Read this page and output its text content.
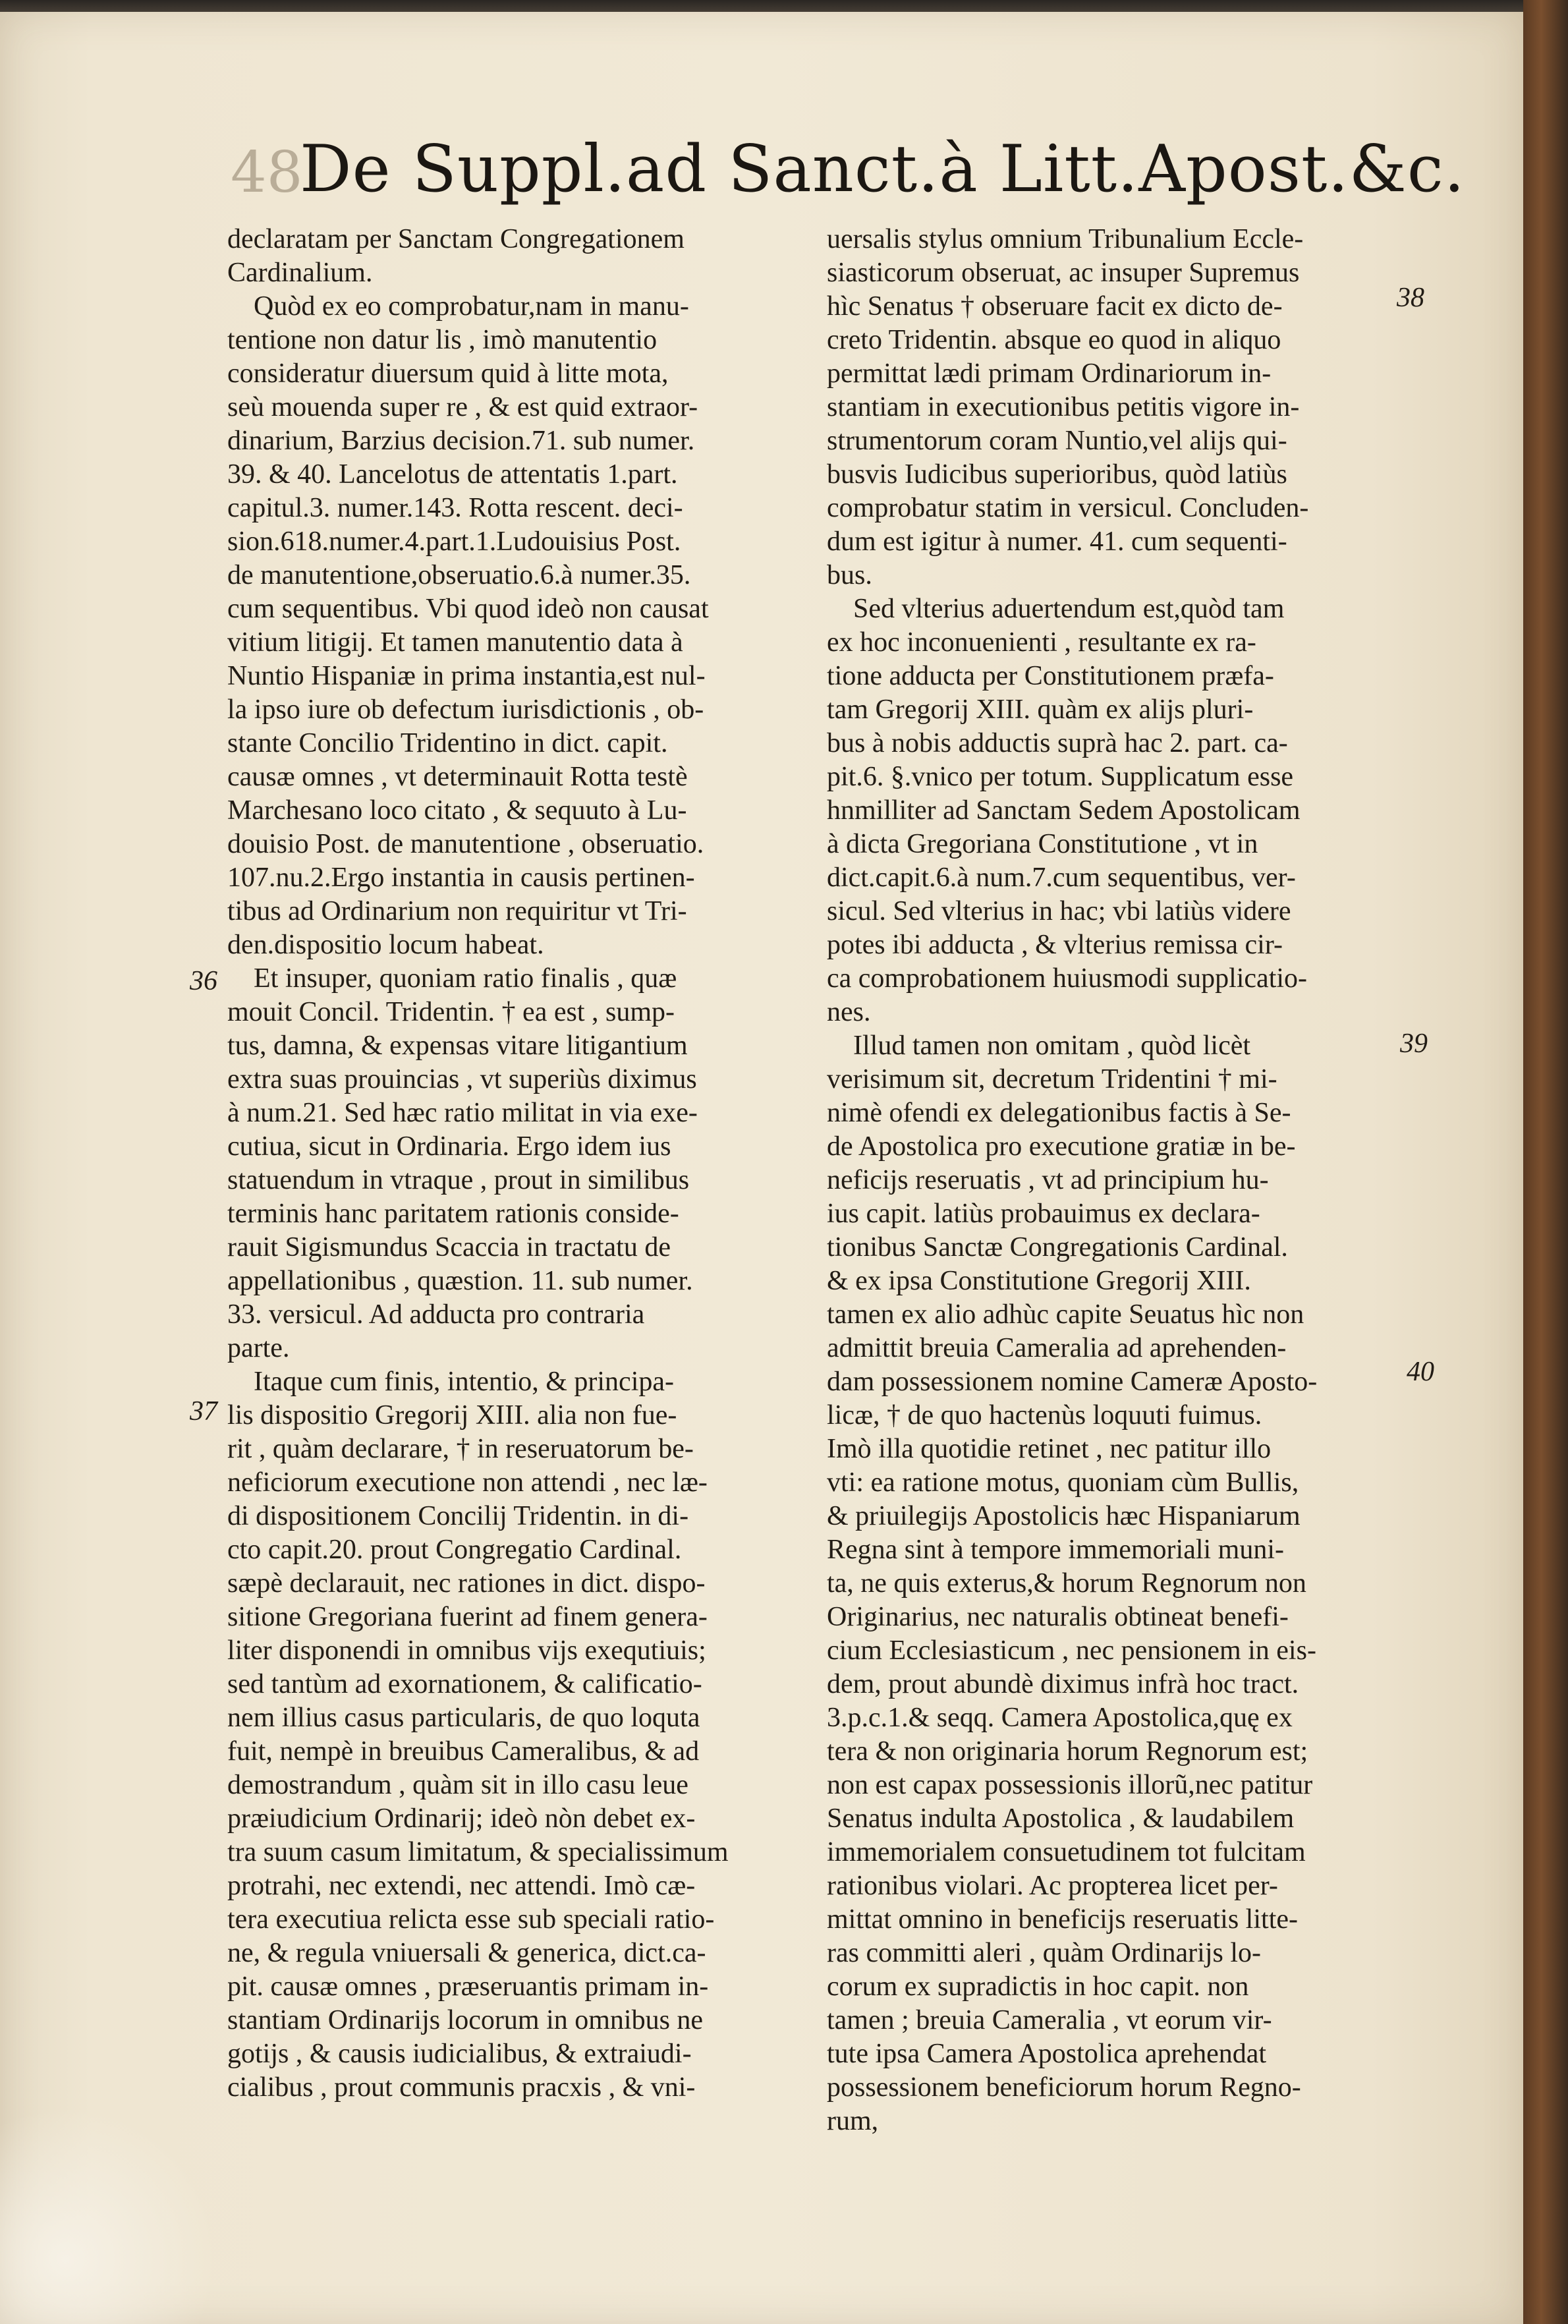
48
De Suppl.ad Sanct.à Litt.Apost.&c.
declaratam per Sanctam Congregationem
Cardinalium.
Quòd ex eo comprobatur,nam in manu-
tentione non datur lis , imò manutentio
consideratur diuersum quid à litte mota,
seù mouenda super re , & est quid extraor-
dinarium, Barzius decision.71. sub numer.
39. & 40. Lancelotus de attentatis 1.part.
capitul.3. numer.143. Rotta rescent. deci-
sion.618.numer.4.part.1.Ludouisius Post.
de manutentione,obseruatio.6.à numer.35.
cum sequentibus. Vbi quod ideò non causat
vitium litigij. Et tamen manutentio data à
Nuntio Hispaniæ in prima instantia,est nul-
la ipso iure ob defectum iurisdictionis , ob-
stante Concilio Tridentino in dict. capit.
causæ omnes , vt determinauit Rotta testè
Marchesano loco citato , & sequuto à Lu-
douisio Post. de manutentione , obseruatio.
107.nu.2.Ergo instantia in causis pertinen-
tibus ad Ordinarium non requiritur vt Tri-
den.dispositio locum habeat.
Et insuper, quoniam ratio finalis , quæ
mouit Concil. Tridentin. † ea est , sump-
tus, damna, & expensas vitare litigantium
extra suas prouincias , vt superiùs diximus
à num.21. Sed hæc ratio militat in via exe-
cutiua, sicut in Ordinaria. Ergo idem ius
statuendum in vtraque , prout in similibus
terminis hanc paritatem rationis conside-
rauit Sigismundus Scaccia in tractatu de
appellationibus , quæstion. 11. sub numer.
33. versicul. Ad adducta pro contraria
parte.
Itaque cum finis, intentio, & principa-
lis dispositio Gregorij XIII. alia non fue-
rit , quàm declarare, † in reseruatorum be-
neficiorum executione non attendi , nec læ-
di dispositionem Concilij Tridentin. in di-
cto capit.20. prout Congregatio Cardinal.
sæpè declarauit, nec rationes in dict. dispo-
sitione Gregoriana fuerint ad finem genera-
liter disponendi in omnibus vijs exequtiuis;
sed tantùm ad exornationem, & calificatio-
nem illius casus particularis, de quo loquta
fuit, nempè in breuibus Cameralibus, & ad
demostrandum , quàm sit in illo casu leue
præiudicium Ordinarij; ideò nòn debet ex-
tra suum casum limitatum, & specialissimum
protrahi, nec extendi, nec attendi. Imò cæ-
tera executiua relicta esse sub speciali ratio-
ne, & regula vniuersali & generica, dict.ca-
pit. causæ omnes , præseruantis primam in-
stantiam Ordinarijs locorum in omnibus ne
gotijs , & causis iudicialibus, & extraiudi-
cialibus , prout communis pracxis , & vni-
uersalis stylus omnium Tribunalium Eccle-
siasticorum obseruat, ac insuper Supremus
hìc Senatus † obseruare facit ex dicto de-
creto Tridentin. absque eo quod in aliquo
permittat lædi primam Ordinariorum in-
stantiam in executionibus petitis vigore in-
strumentorum coram Nuntio,vel alijs qui-
busvis Iudicibus superioribus, quòd latiùs
comprobatur statim in versicul. Concluden-
dum est igitur à numer. 41. cum sequenti-
bus.
Sed vlterius aduertendum est,quòd tam
ex hoc inconuenienti , resultante ex ra-
tione adducta per Constitutionem præfa-
tam Gregorij XIII. quàm ex alijs pluri-
bus à nobis adductis suprà hac 2. part. ca-
pit.6. §.vnico per totum. Supplicatum esse
hnmilliter ad Sanctam Sedem Apostolicam
à dicta Gregoriana Constitutione , vt in
dict.capit.6.à num.7.cum sequentibus, ver-
sicul. Sed vlterius in hac; vbi latiùs videre
potes ibi adducta , & vlterius remissa cir-
ca comprobationem huiusmodi supplicatio-
nes.
Illud tamen non omitam , quòd licèt
verisimum sit, decretum Tridentini † mi-
nimè ofendi ex delegationibus factis à Se-
de Apostolica pro executione gratiæ in be-
neficijs reseruatis , vt ad principium hu-
ius capit. latiùs probauimus ex declara-
tionibus Sanctæ Congregationis Cardinal.
& ex ipsa Constitutione Gregorij XIII.
tamen ex alio adhùc capite Seuatus hìc non
admittit breuia Cameralia ad aprehenden-
dam possessionem nomine Cameræ Aposto-
licæ, † de quo hactenùs loquuti fuimus.
Imò illa quotidie retinet , nec patitur illo
vti: ea ratione motus, quoniam cùm Bullis,
& priuilegijs Apostolicis hæc Hispaniarum
Regna sint à tempore immemoriali muni-
ta, ne quis exterus,& horum Regnorum non
Originarius, nec naturalis obtineat benefi-
cium Ecclesiasticum , nec pensionem in eis-
dem, prout abundè diximus infrà hoc tract.
3.p.c.1.& seqq. Camera Apostolica,quę ex
tera & non originaria horum Regnorum est;
non est capax possessionis illorũ,nec patitur
Senatus indulta Apostolica , & laudabilem
immemorialem consuetudinem tot fulcitam
rationibus violari. Ac propterea licet per-
mittat omnino in beneficijs reseruatis litte-
ras committi aleri , quàm Ordinarijs lo-
corum ex supradictis in hoc capit. non
tamen ; breuia Cameralia , vt eorum vir-
tute ipsa Camera Apostolica aprehendat
possessionem beneficiorum horum Regno-
rum,
36
37
38
39
40
